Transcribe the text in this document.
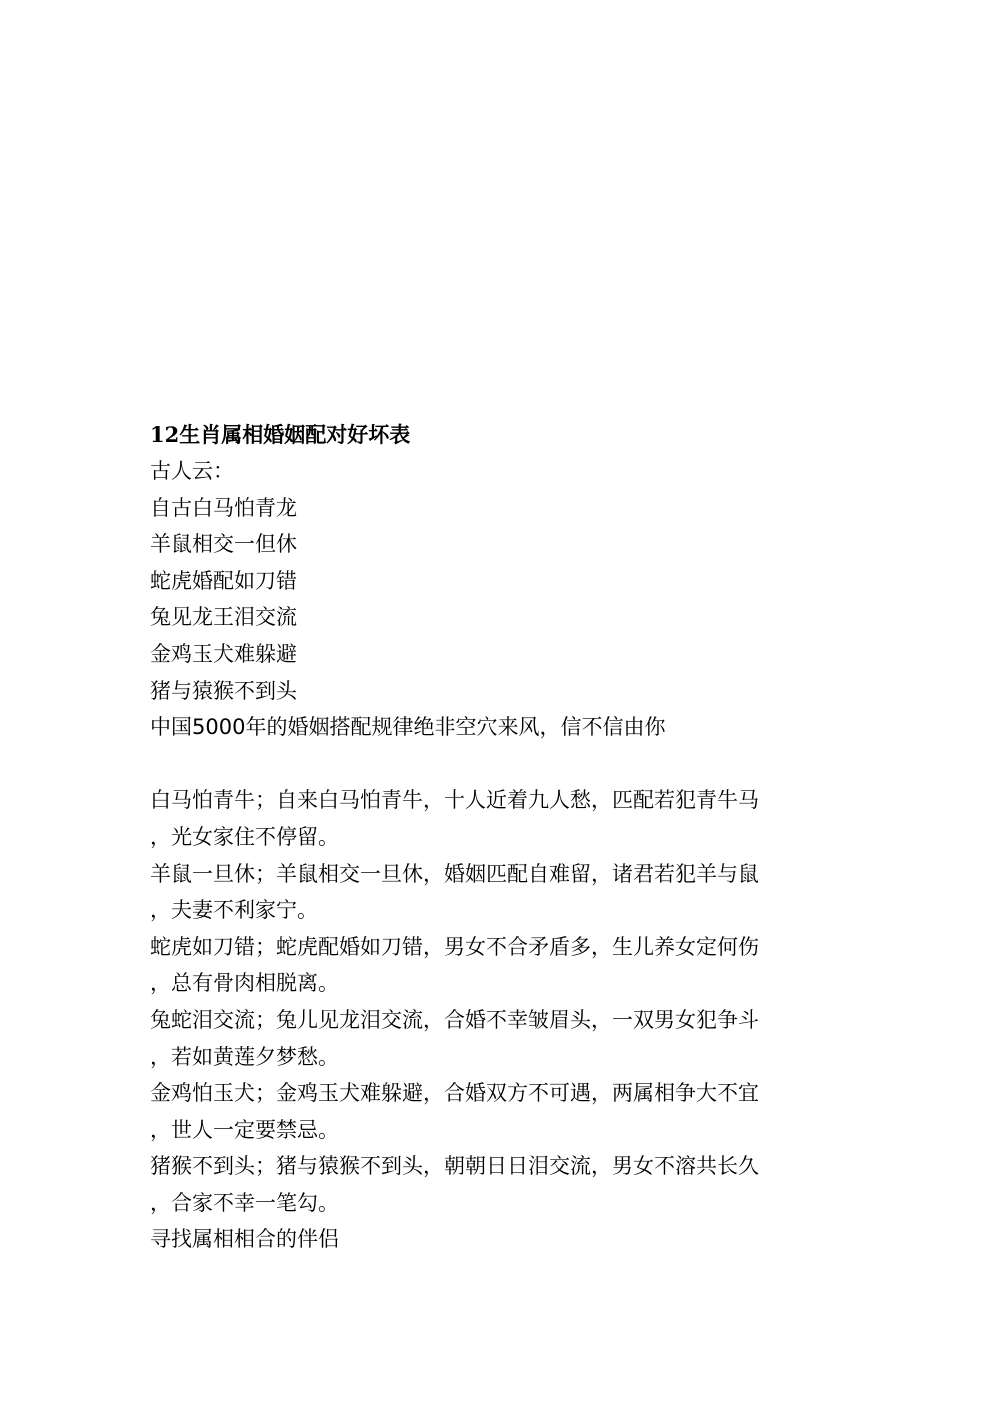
12生肖属相婚姻配对好坏表
古人云：
自古白马怕青龙
羊鼠相交一但休
蛇虎婚配如刀错
兔见龙王泪交流
金鸡玉犬难躲避
猪与猿猴不到头
中国5000年的婚姻搭配规律绝非空穴来风，信不信由你
白马怕青牛；自来白马怕青牛，十人近着九人愁，匹配若犯青牛马
，光女家住不停留。
羊鼠一旦休；羊鼠相交一旦休，婚姻匹配自难留，诸君若犯羊与鼠
，夫妻不利家宁。
蛇虎如刀错；蛇虎配婚如刀错，男女不合矛盾多，生儿养女定何伤
，总有骨肉相脱离。
兔蛇泪交流；兔儿见龙泪交流，合婚不幸皱眉头，一双男女犯争斗
，若如黄莲夕梦愁。
金鸡怕玉犬；金鸡玉犬难躲避，合婚双方不可遇，两属相争大不宜
，世人一定要禁忌。
猪猴不到头；猪与猿猴不到头，朝朝日日泪交流，男女不溶共长久
，合家不幸一笔勾。
寻找属相相合的伴侣
